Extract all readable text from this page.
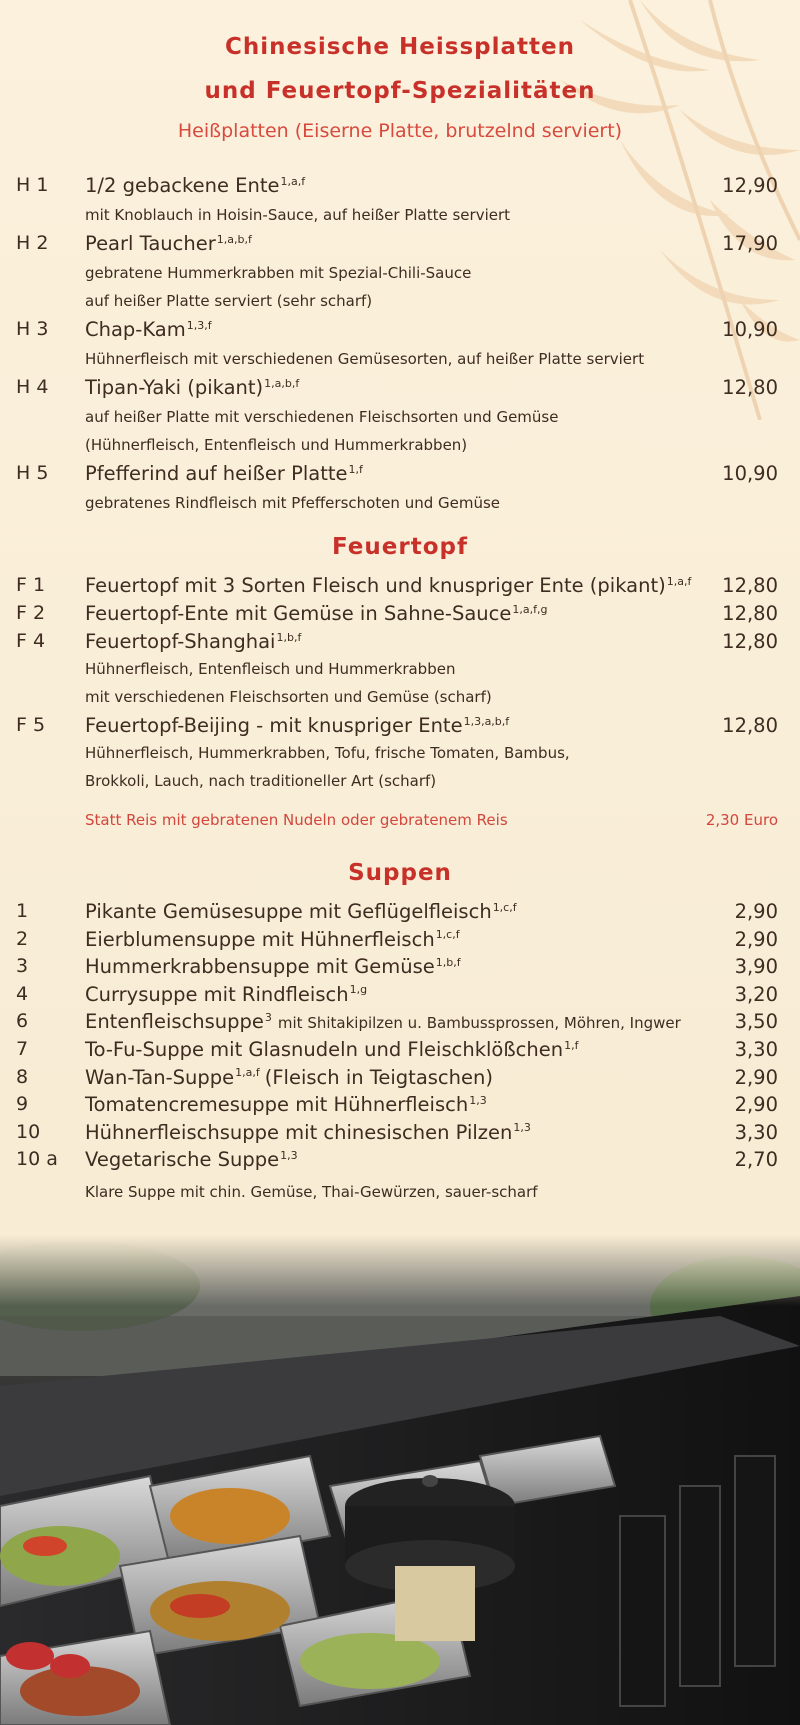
Chinesische Heissplatten
und Feuertopf-Spezialitäten
Heißplatten (Eiserne Platte, brutzelnd serviert)
H 1 1/2 gebackene Ente$^{1,a,f}$	12,90
mit Knoblauch in Hoisin-Sauce, auf heißer Platte serviert
H 2 Pearl Taucher$^{1,a,b,f}$	17,90
gebratene Hummerkrabben mit Spezial-Chili-Sauce
auf heißer Platte serviert (sehr scharf)
H 3 Chap-Kam$^{1,3,f}$	10,90
Hühnerfleisch mit verschiedenen Gemüsesorten, auf heißer Platte serviert
H 4 Tipan-Yaki (pikant)$^{1,a,b,f}$	12,80
auf heißer Platte mit verschiedenen Fleischsorten und Gemüse
(Hühnerfleisch, Entenfleisch und Hummerkrabben)
H 5 Pfefferind auf heißer Platte$^{1,f}$	10,90
gebratenes Rindfleisch mit Pfefferschoten und Gemüse
Feuertopf
F 1 Feuertopf mit 3 Sorten Fleisch und knuspriger Ente (pikant)$^{1,a,f}$ 12,80
F 2 Feuertopf-Ente mit Gemüse in Sahne-Sauce$^{1,a,f,g}$	12,80
F 4 Feuertopf-Shanghai$^{1,b,f}$	12,80
Hühnerfleisch, Entenfleisch und Hummerkrabben
mit verschiedenen Fleischsorten und Gemüse (scharf)
F 5 Feuertopf-Beijing - mit knuspriger Ente$^{1,3,a,b,f}$	12,80
Hühnerfleisch, Hummerkrabben, Tofu, frische Tomaten, Bambus,
Brokkoli, Lauch, nach traditioneller Art (scharf)
Statt Reis mit gebratenen Nudeln oder gebratenem Reis	2,30 Euro
Suppen
1	Pikante Gemüsesuppe mit Geflügelfleisch$^{1,c,f}$	2,90
2	Eierblumensuppe mit Hühnerfleisch$^{1,c,f}$	2,90
3	Hummerkrabbensuppe mit Gemüse$^{1,b,f}$	3,90
4	Currysuppe mit Rindfleisch$^{1,g}$	3,20
6	Entenfleischsuppe$^3$ mit Shitakipilzen u. Bambussprossen, Möhren, Ingwer	3,50
7	To-Fu-Suppe mit Glasnudeln und Fleischklößchen$^{1,f}$	3,30
8	Wan-Tan-Suppe$^{1,a,f}$ (Fleisch in Teigtaschen)	2,90
9	Tomatencremesuppe mit Hühnerfleisch$^{1,3}$	2,90
10 Hühnerfleischsuppe mit chinesischen Pilzen$^{1,3}$	3,30
10 a Vegetarische Suppe$^{1,3}$	2,70
Klare Suppe mit chin. Gemüse, Thai-Gewürzen, sauer-scharf
